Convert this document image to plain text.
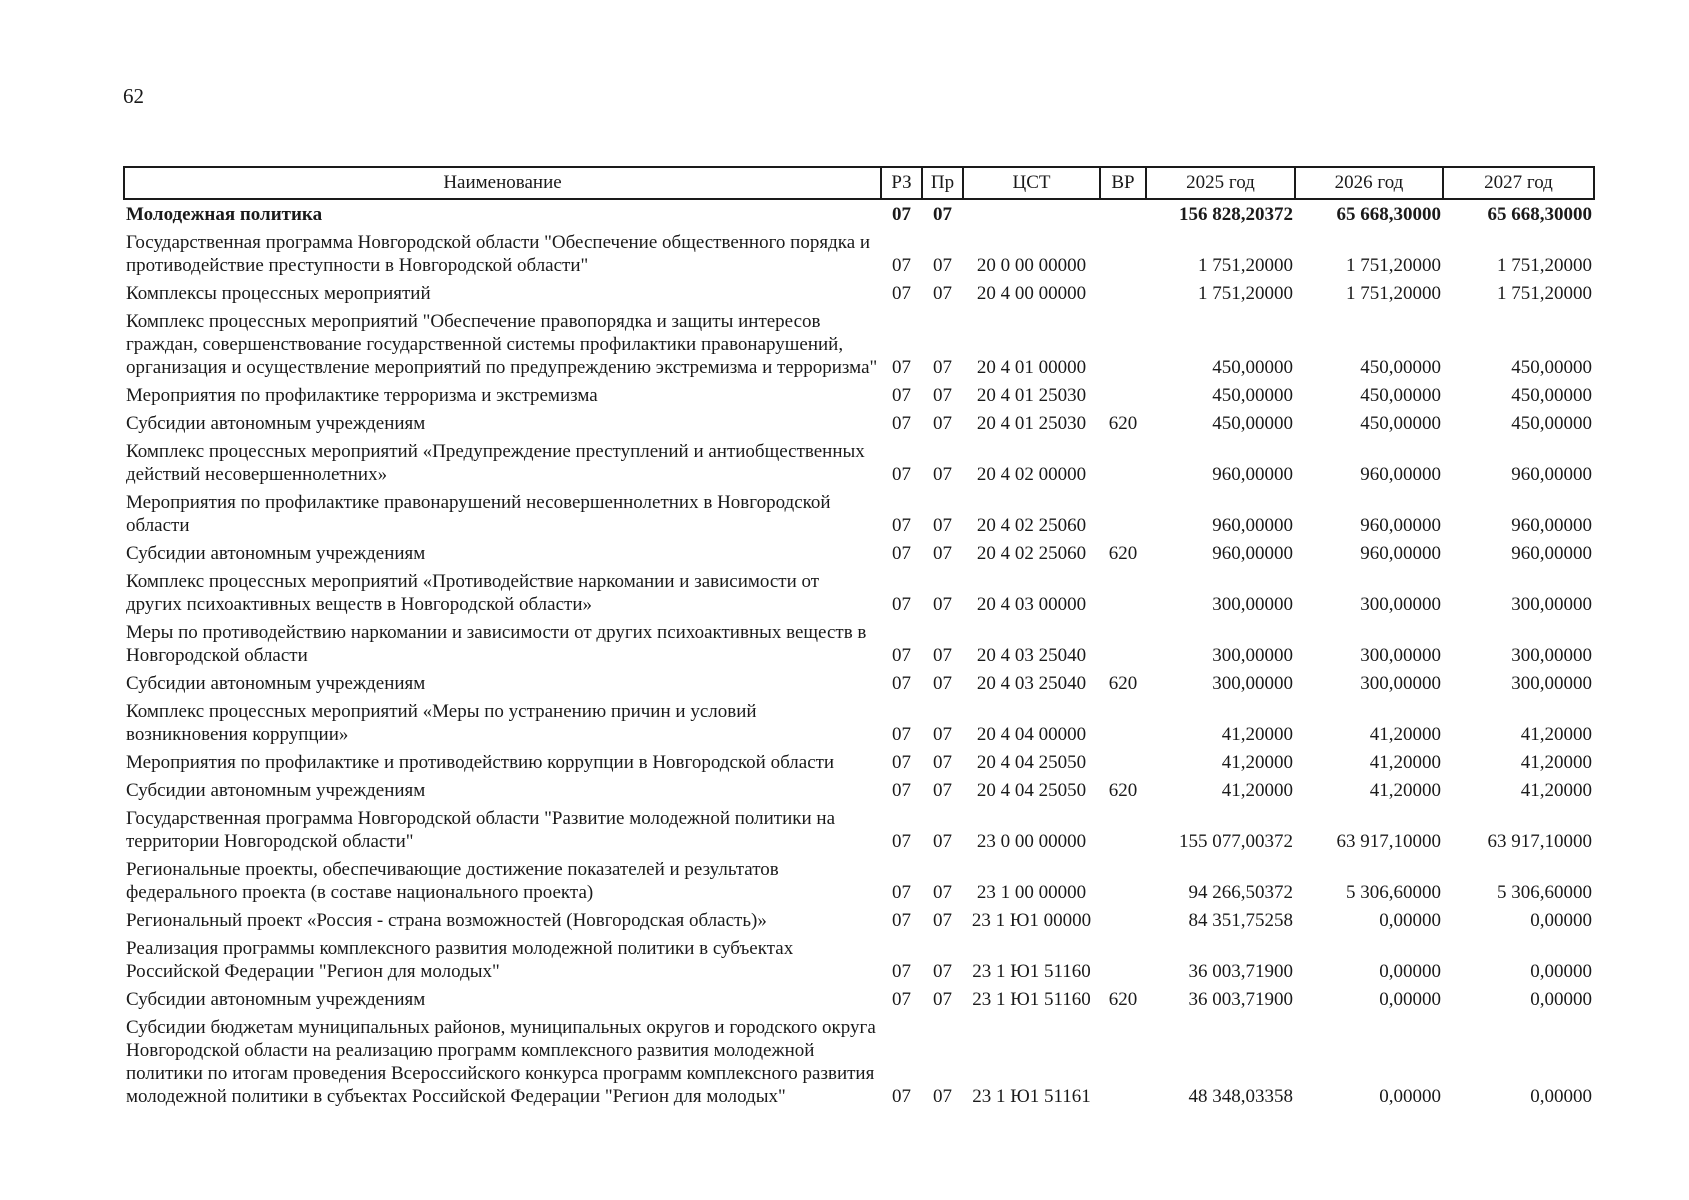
62
Наименование	РЗ	Пр	ЦСТ	ВР	2025 год	2026 год	2027 год
Молодежная политика	07	07			156 828,20372	65 668,30000	65 668,30000
Государственная программа Новгородской области "Обеспечение общественного порядка и противодействие преступности в Новгородской области"	07	07	20 0 00 00000		1 751,20000	1 751,20000	1 751,20000
Комплексы процессных мероприятий	07	07	20 4 00 00000		1 751,20000	1 751,20000	1 751,20000
Комплекс процессных мероприятий "Обеспечение правопорядка и защиты интересов граждан, совершенствование государственной системы профилактики правонарушений, организация и осуществление мероприятий по предупреждению экстремизма и терроризма"	07	07	20 4 01 00000		450,00000	450,00000	450,00000
Мероприятия по профилактике терроризма и экстремизма	07	07	20 4 01 25030		450,00000	450,00000	450,00000
Субсидии автономным учреждениям	07	07	20 4 01 25030	620	450,00000	450,00000	450,00000
Комплекс процессных мероприятий «Предупреждение преступлений и антиобщественных действий несовершеннолетних»	07	07	20 4 02 00000		960,00000	960,00000	960,00000
Мероприятия по профилактике правонарушений несовершеннолетних в Новгородской области	07	07	20 4 02 25060		960,00000	960,00000	960,00000
Субсидии автономным учреждениям	07	07	20 4 02 25060	620	960,00000	960,00000	960,00000
Комплекс процессных мероприятий «Противодействие наркомании и зависимости от других психоактивных веществ в Новгородской области»	07	07	20 4 03 00000		300,00000	300,00000	300,00000
Меры по противодействию наркомании и зависимости от других психоактивных веществ в Новгородской области	07	07	20 4 03 25040		300,00000	300,00000	300,00000
Субсидии автономным учреждениям	07	07	20 4 03 25040	620	300,00000	300,00000	300,00000
Комплекс процессных мероприятий «Меры по устранению причин и условий возникновения коррупции»	07	07	20 4 04 00000		41,20000	41,20000	41,20000
Мероприятия по профилактике и противодействию коррупции в Новгородской области	07	07	20 4 04 25050		41,20000	41,20000	41,20000
Субсидии автономным учреждениям	07	07	20 4 04 25050	620	41,20000	41,20000	41,20000
Государственная программа Новгородской области "Развитие молодежной политики на территории Новгородской области"	07	07	23 0 00 00000		155 077,00372	63 917,10000	63 917,10000
Региональные проекты, обеспечивающие достижение показателей и результатов федерального проекта (в составе национального проекта)	07	07	23 1 00 00000		94 266,50372	5 306,60000	5 306,60000
Региональный проект «Россия - страна возможностей (Новгородская область)»	07	07	23 1 Ю1 00000		84 351,75258	0,00000	0,00000
Реализация программы комплексного развития молодежной политики в субъектах Российской Федерации "Регион для молодых"	07	07	23 1 Ю1 51160		36 003,71900	0,00000	0,00000
Субсидии автономным учреждениям	07	07	23 1 Ю1 51160	620	36 003,71900	0,00000	0,00000
Субсидии бюджетам муниципальных районов, муниципальных округов и городского округа Новгородской области на реализацию программ комплексного развития молодежной политики по итогам проведения Всероссийского конкурса программ комплексного развития молодежной политики в субъектах Российской Федерации "Регион для молодых"	07	07	23 1 Ю1 51161		48 348,03358	0,00000	0,00000
